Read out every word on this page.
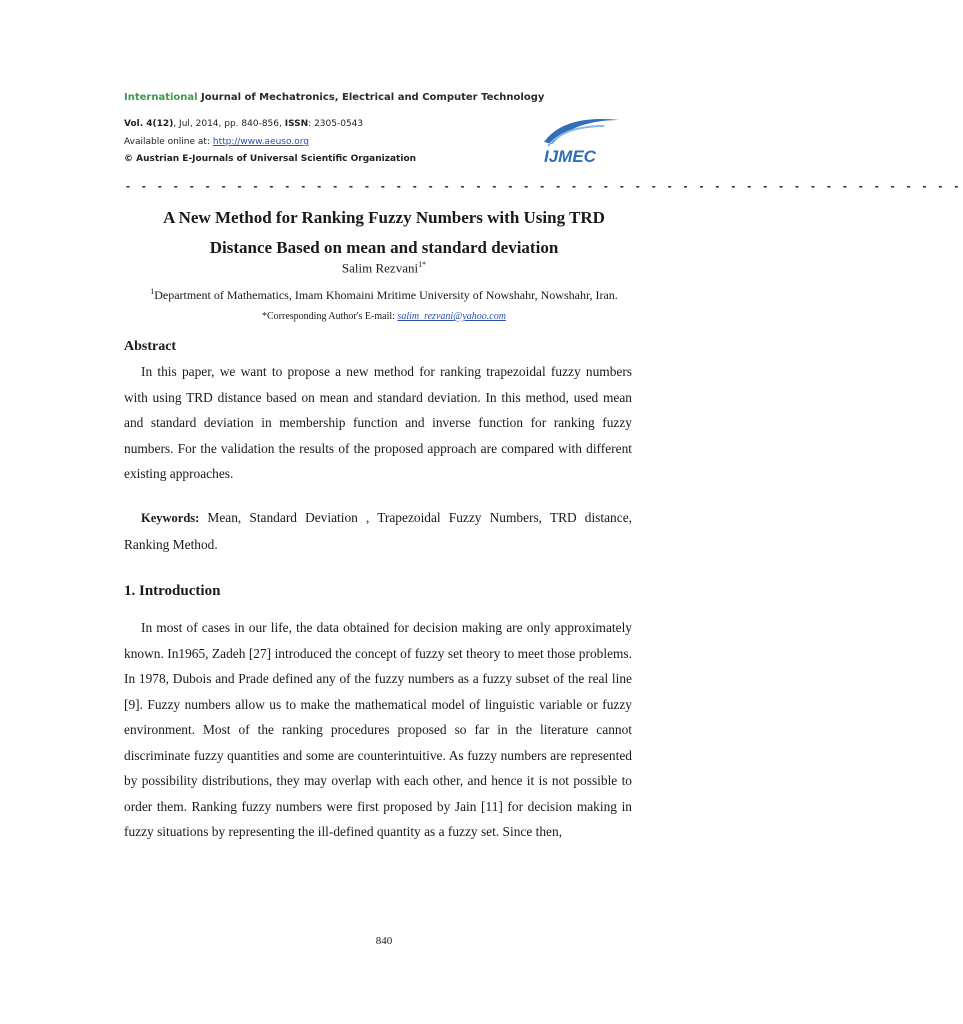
International Journal of Mechatronics, Electrical and Computer Technology
Vol. 4(12), Jul, 2014, pp. 840-856, ISSN: 2305-0543
Available online at: http://www.aeuso.org
© Austrian E-Journals of Universal Scientific Organization	IJMEC
- - - - - - - - - - - - - - - - - - - - - - - - - - - - - - - - - - - - - - - - - - - - - - - - - - - - -
A New Method for Ranking Fuzzy Numbers with Using TRD
Distance Based on mean and standard deviation
Salim Rezvani$^{1*}$
$^1$Department of Mathematics, Imam Khomaini Mritime University of Nowshahr, Nowshahr, Iran.
*Corresponding Author's E-mail: salim_rezvani@yahoo.com
Abstract
In this paper, we want to propose a new method for ranking trapezoidal fuzzy numbers with using TRD distance based on mean and standard deviation. In this method, used mean and standard deviation in membership function and inverse function for ranking fuzzy numbers. For the validation the results of the proposed approach are compared with different existing approaches.
Keywords: Mean, Standard Deviation , Trapezoidal Fuzzy Numbers, TRD distance, Ranking Method.
1. Introduction
In most of cases in our life, the data obtained for decision making are only approximately known. In1965, Zadeh [27] introduced the concept of fuzzy set theory to meet those problems. In 1978, Dubois and Prade defined any of the fuzzy numbers as a fuzzy subset of the real line [9]. Fuzzy numbers allow us to make the mathematical model of linguistic variable or fuzzy environment. Most of the ranking procedures proposed so far in the literature cannot discriminate fuzzy quantities and some are counterintuitive. As fuzzy numbers are represented by possibility distributions, they may overlap with each other, and hence it is not possible to order them. Ranking fuzzy numbers were first proposed by Jain [11] for decision making in fuzzy situations by representing the ill-defined quantity as a fuzzy set. Since then,
840
